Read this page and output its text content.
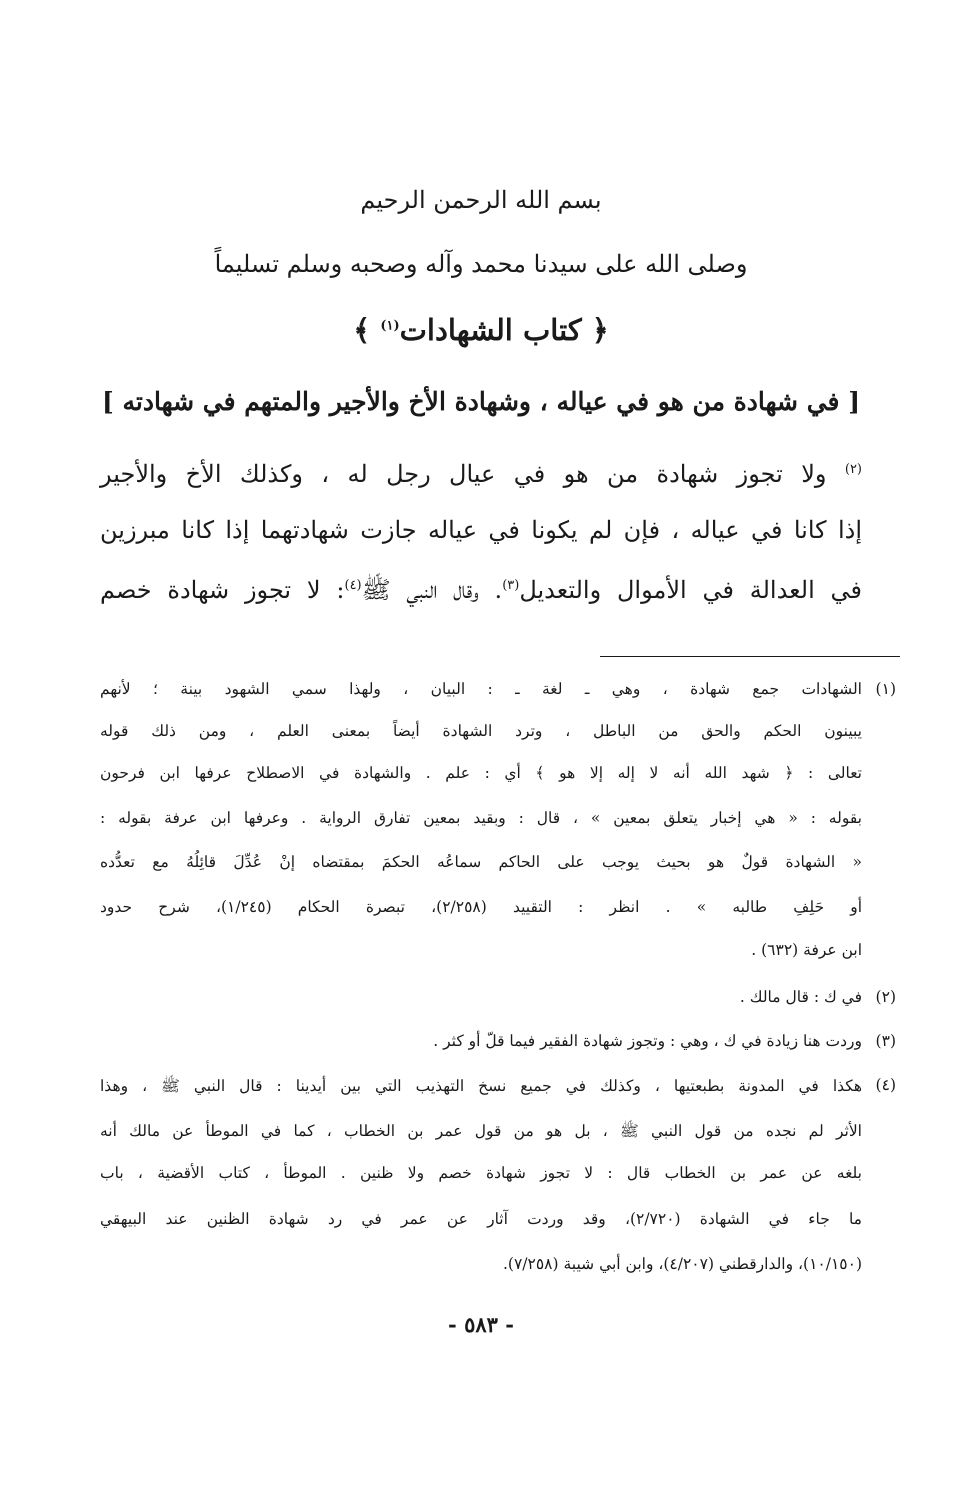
بسم الله الرحمن الرحيم
وصلى الله على سيدنا محمد وآله وصحبه وسلم تسليماً
﴿ كتاب الشهادات$^{(١)}$ ﴾
[ في شهادة من هو في عياله ، وشهادة الأخ والأجير والمتهم في شهادته ]
$^{(٢)}$ ولا تجوز شهادة من هو في عيال رجل له ، وكذلك الأخ والأجير
إذا كانا في عياله ، فإن لم يكونا في عياله جازت شهادتهما إذا كانا مبرزين
في العدالة في الأموال والتعديل$^{(٣)}$. وقال النبي ﷺ$^{(٤)}$: لا تجوز شهادة خصم
(١)
الشهادات جمع شهادة ، وهي ـ لغة ـ : البيان ، ولهذا سمي الشهود بينة ؛ لأنهم
يبينون الحكم والحق من الباطل ، وترد الشهادة أيضاً بمعنى العلم ، ومن ذلك قوله
تعالى : ﴿ شهد الله أنه لا إله إلا هو ﴾ أي : علم . والشهادة في الاصطلاح عرفها ابن فرحون
بقوله : « هي إخبار يتعلق بمعين » ، قال : وبقيد بمعين تفارق الرواية . وعرفها ابن عرفة بقوله :
« الشهادة قولٌ هو بحيث يوجب على الحاكم سماعُه الحكمَ بمقتضاه إنْ عُدِّلَ قائِلُهُ مع تعدُّده
أو حَلِفِ طالبه » . انظر : التقييد (٢/٢٥٨)، تبصرة الحكام (١/٢٤٥)، شرح حدود
ابن عرفة (٦٣٢) .
(٢)
في ك : قال مالك .
(٣)
وردت هنا زيادة في ك ، وهي : وتجوز شهادة الفقير فيما قلّ أو كثر .
(٤)
هكذا في المدونة بطبعتيها ، وكذلك في جميع نسخ التهذيب التي بين أيدينا : قال النبي ﷺ ، وهذا
الأثر لم نجده من قول النبي ﷺ ، بل هو من قول عمر بن الخطاب ، كما في الموطأ عن مالك أنه
بلغه عن عمر بن الخطاب قال : لا تجوز شهادة خصم ولا ظنين . الموطأ ، كتاب الأقضية ، باب
ما جاء في الشهادة (٢/٧٢٠)، وقد وردت آثار عن عمر في رد شهادة الظنين عند البيهقي
(١٠/١٥٠)، والدارقطني (٤/٢٠٧)، وابن أبي شيبة (٧/٢٥٨).
- ٥٨٣ -
